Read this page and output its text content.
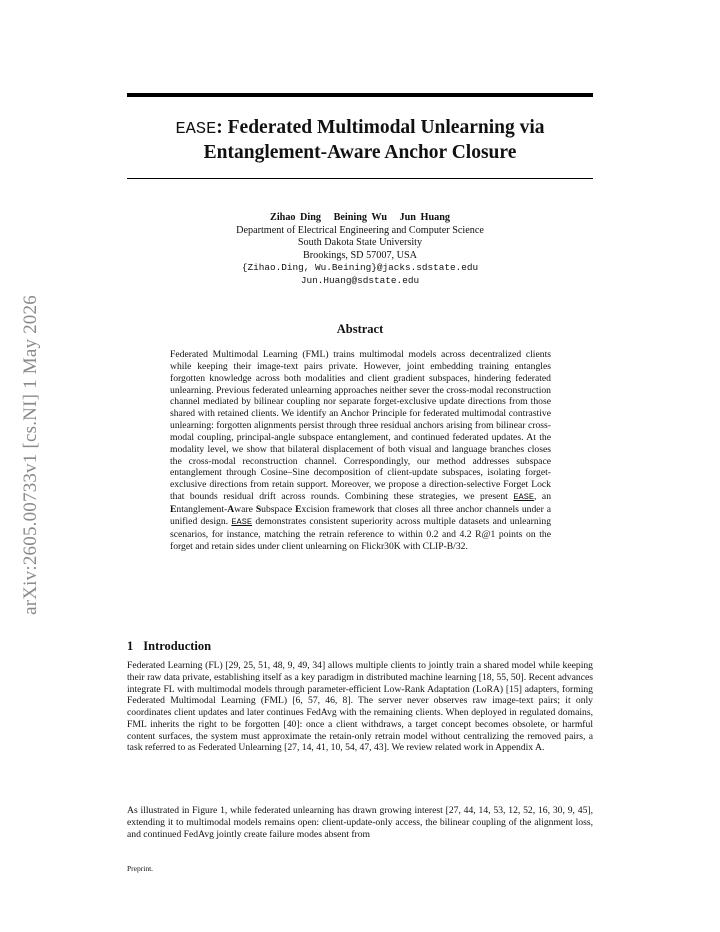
arXiv:2605.00733v1 [cs.NI] 1 May 2026
EASE: Federated Multimodal Unlearning via
Entanglement-Aware Anchor Closure
Zihao Ding Beining Wu Jun Huang
Department of Electrical Engineering and Computer Science
South Dakota State University
Brookings, SD 57007, USA
{Zihao.Ding, Wu.Beining}@jacks.sdstate.edu
Jun.Huang@sdstate.edu
Abstract

Federated Multimodal Learning (FML) trains multimodal models across decentralized clients while keeping their image-text pairs private. However, joint embedding training entangles forgotten knowledge across both modalities and client gradient subspaces, hindering federated unlearning. Previous federated unlearning approaches neither sever the cross-modal reconstruction channel mediated by bilinear coupling nor separate forget-exclusive update directions from those shared with retained clients. We identify an Anchor Principle for federated multimodal contrastive unlearning: forgotten alignments persist through three residual anchors arising from bilinear cross-modal coupling, principal-angle subspace entanglement, and continued federated updates. At the modality level, we show that bilateral displacement of both visual and language branches closes the cross-modal reconstruction channel. Correspondingly, our method addresses subspace entanglement through Cosine–Sine decomposition of client-update subspaces, isolating forget-exclusive directions from retain support. Moreover, we propose a direction-selective Forget Lock that bounds residual drift across rounds. Combining these strategies, we present EASE, an Entanglement-Aware Subspace Excision framework that closes all three anchor channels under a unified design. EASE demonstrates consistent superiority across multiple datasets and unlearning scenarios, for instance, matching the retrain reference to within 0.2 and 4.2 R@1 points on the forget and retain sides under client unlearning on Flickr30K with CLIP-B/32.

1 Introduction

Federated Learning (FL) [29, 25, 51, 48, 9, 49, 34] allows multiple clients to jointly train a shared model while keeping their raw data private, establishing itself as a key paradigm in distributed machine learning [18, 55, 50]. Recent advances integrate FL with multimodal models through parameter-efficient Low-Rank Adaptation (LoRA) [15] adapters, forming Federated Multimodal Learning (FML) [6, 57, 46, 8]. The server never observes raw image-text pairs; it only coordinates client updates and later continues FedAvg with the remaining clients. When deployed in regulated domains, FML inherits the right to be forgotten [40]: once a client withdraws, a target concept becomes obsolete, or harmful content surfaces, the system must approximate the retain-only retrain model without centralizing the removed pairs, a task referred to as Federated Unlearning [27, 14, 41, 10, 54, 47, 43]. We review related work in Appendix A.

As illustrated in Figure 1, while federated unlearning has drawn growing interest [27, 44, 14, 53, 12, 52, 16, 30, 9, 45], extending it to multimodal models remains open: client-update-only access, the bilinear coupling of the alignment loss, and continued FedAvg jointly create failure modes absent from

Preprint.
